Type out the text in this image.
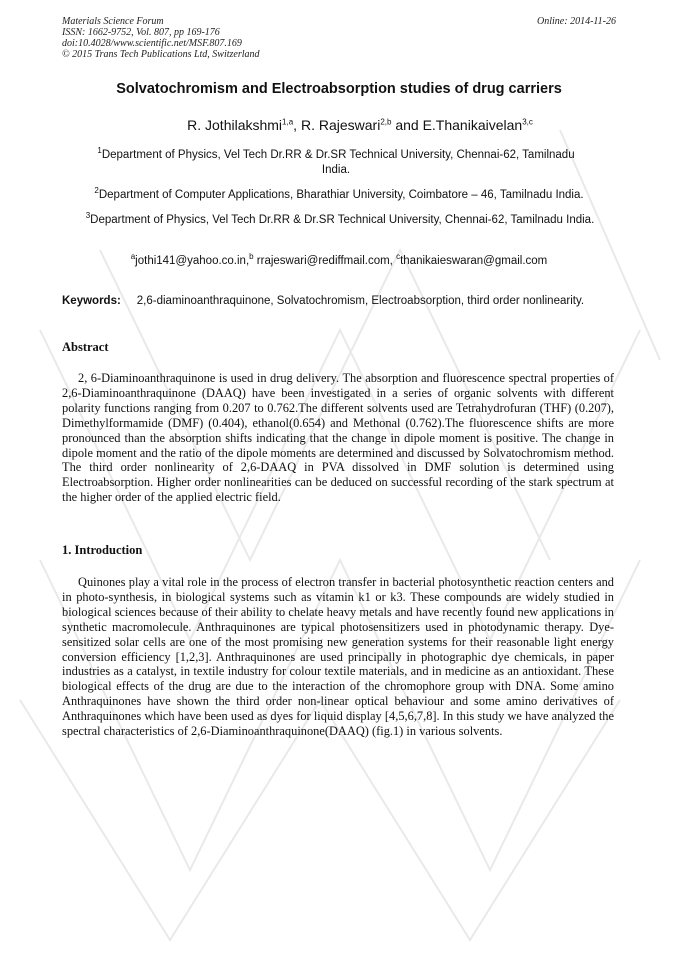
Materials Science Forum
ISSN: 1662-9752, Vol. 807, pp 169-176
doi:10.4028/www.scientific.net/MSF.807.169
© 2015 Trans Tech Publications Ltd, Switzerland
Online: 2014-11-26
Solvatochromism and Electroabsorption studies of drug carriers
R. Jothilakshmi$^{1,a}$, R. Rajeswari$^{2,b}$ and E.Thanikaivelan$^{3,c}$
$^1$Department of Physics, Vel Tech Dr.RR & Dr.SR Technical University, Chennai-62, Tamilnadu India.
$^2$Department of Computer Applications, Bharathiar University, Coimbatore – 46, Tamilnadu India.
$^3$Department of Physics, Vel Tech Dr.RR & Dr.SR Technical University, Chennai-62, Tamilnadu India.
$^a$jothi141@yahoo.co.in,$^b$ rrajeswari@rediffmail.com, $^c$thanikaieswaran@gmail.com
Keywords: 2,6-diaminoanthraquinone, Solvatochromism, Electroabsorption, third order nonlinearity.
Abstract

2, 6-Diaminoanthraquinone is used in drug delivery. The absorption and fluorescence spectral properties of 2,6-Diaminoanthraquinone (DAAQ) have been investigated in a series of organic solvents with different polarity functions ranging from 0.207 to 0.762.The different solvents used are Tetrahydrofuran (THF) (0.207), Dimethylformamide (DMF) (0.404), ethanol(0.654) and Methonal (0.762).The fluorescence shifts are more pronounced than the absorption shifts indicating that the change in dipole moment is positive. The change in dipole moment and the ratio of the dipole moments are determined and discussed by Solvatochromism method. The third order nonlinearity of 2,6-DAAQ in PVA dissolved in DMF solution is determined using Electroabsorption. Higher order nonlinearities can be deduced on successful recording of the stark spectrum at the higher order of the applied electric field.

1. Introduction

Quinones play a vital role in the process of electron transfer in bacterial photosynthetic reaction centers and in photo-synthesis, in biological systems such as vitamin k1 or k3. These compounds are widely studied in biological sciences because of their ability to chelate heavy metals and have recently found new applications in synthetic macromolecule. Anthraquinones are typical photosensitizers used in photodynamic therapy. Dye-sensitized solar cells are one of the most promising new generation systems for their reasonable light energy conversion efficiency [1,2,3]. Anthraquinones are used principally in photographic dye chemicals, in paper industries as a catalyst, in textile industry for colour textile materials, and in medicine as an antioxidant. These biological effects of the drug are due to the interaction of the chromophore group with DNA. Some amino Anthraquinones have shown the third order non-linear optical behaviour and some amino derivatives of Anthraquinones which have been used as dyes for liquid display [4,5,6,7,8]. In this study we have analyzed the spectral characteristics of 2,6-Diaminoanthraquinone(DAAQ) (fig.1) in various solvents.
